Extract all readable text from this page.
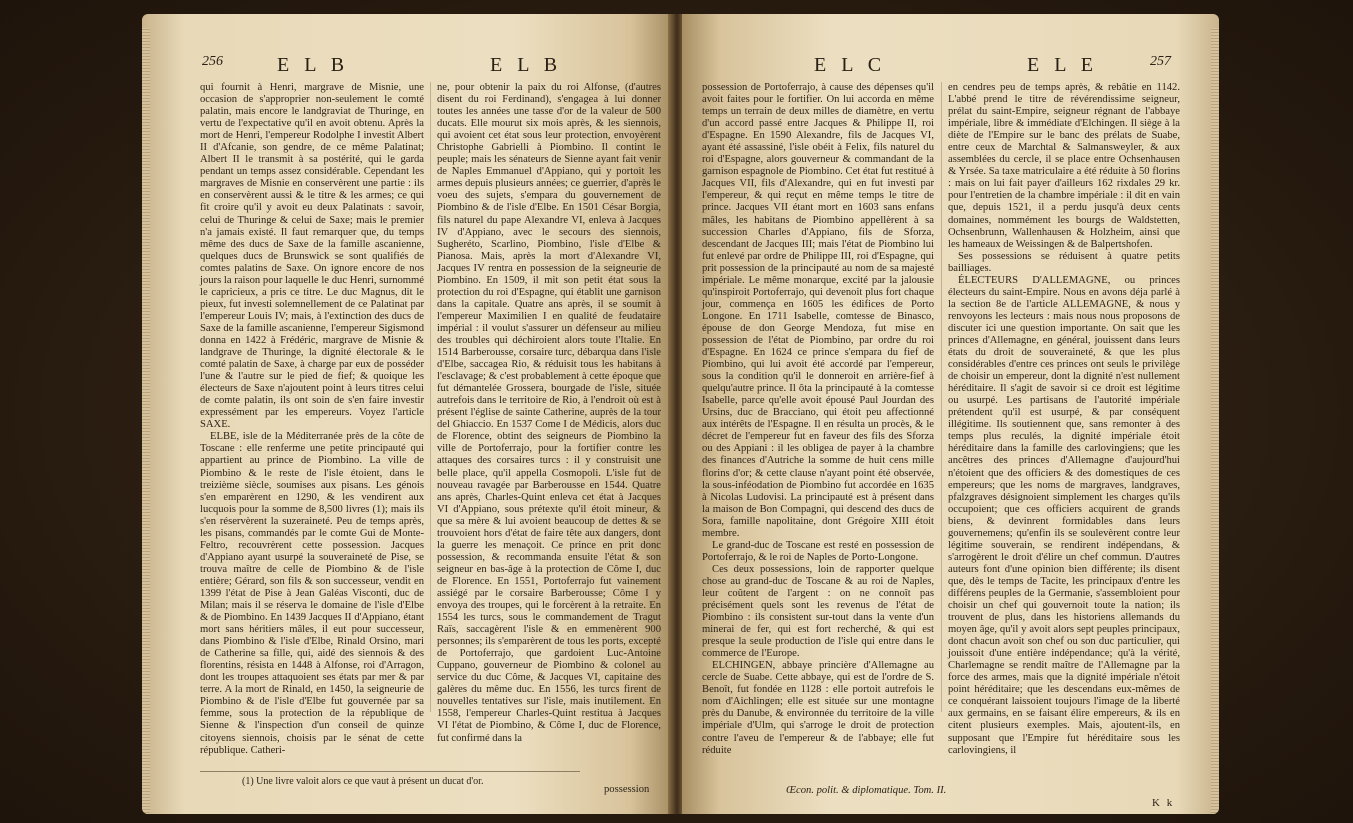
256	E L B	E L B

qui fournit à Henri, margrave de Misnie, une occasion de s'approprier non-seulement le comté palatin, mais encore le landgraviat de Thuringe, en vertu de l'expectative qu'il en avoit obtenu. Après la mort de Henri, l'empereur Rodolphe I investit Albert II d'Afcanie, son gendre, de ce même Palatinat; Albert II le transmit à sa postérité, qui le garda pendant un temps assez considérable. Cependant les margraves de Misnie en conservèrent une partie : ils en conservèrent aussi & le titre & les armes; ce qui fit croire qu'il y avoit eu deux Palatinats : savoir, celui de Thuringe & celui de Saxe; mais le premier n'a jamais existé. Il faut remarquer que, du temps même des ducs de Saxe de la famille ascanienne, quelques ducs de Brunswick se sont qualifiés de comtes palatins de Saxe. On ignore encore de nos jours la raison pour laquelle le duc Henri, surnommé le capricieux, a pris ce titre. Le duc Magnus, dit le pieux, fut investi solemnellement de ce Palatinat par l'empereur Louis IV; mais, à l'extinction des ducs de Saxe de la famille ascanienne, l'empereur Sigismond donna en 1422 à Frédéric, margrave de Misnie & landgrave de Thuringe, la dignité électorale & le comté palatin de Saxe, à charge par eux de posséder l'une & l'autre sur le pied de fief; & quoique les électeurs de Saxe n'ajoutent point à leurs titres celui de comte palatin, ils ont soin de s'en faire investir expressément par les empereurs. Voyez l'article SAXE.

ELBE, isle de la Méditerranée près de la côte de Toscane : elle renferme une petite principauté qui appartient au prince de Piombino. La ville de Piombino & le reste de l'isle étoient, dans le treizième siècle, soumises aux pisans. Les génois s'en emparèrent en 1290, & les vendirent aux lucquois pour la somme de 8,500 livres (1); mais ils s'en réservèrent la suzeraineté. Peu de temps après, les pisans, commandés par le comte Gui de Monte-Feltro, recouvrèrent cette possession. Jacques d'Appiano ayant usurpé la souveraineté de Pise, se trouva maître de celle de Piombino & de l'isle entière; Gérard, son fils & son successeur, vendit en 1399 l'état de Pise à Jean Galéas Visconti, duc de Milan; mais il se réserva le domaine de l'isle d'Elbe & de Piombino. En 1439 Jacques II d'Appiano, étant mort sans héritiers mâles, il eut pour successeur, dans Piombino & l'isle d'Elbe, Rinald Orsino, mari de Catherine sa fille, qui, aidé des siennois & des florentins, résista en 1448 à Alfonse, roi d'Arragon, dont les troupes attaquoient ses états par mer & par terre. A la mort de Rinald, en 1450, la seigneurie de Piombino & de l'isle d'Elbe fut gouvernée par sa femme, sous la protection de la république de Sienne & l'inspection d'un conseil de quinze citoyens siennois, choisis par le sénat de cette république. Catheri-

ne, pour obtenir la paix du roi Alfonse, (d'autres disent du roi Ferdinand), s'engagea à lui donner toutes les années une tasse d'or de la valeur de 500 ducats. Elle mourut six mois après, & les siennois, qui avoient cet état sous leur protection, envoyèrent Christophe Gabrielli à Piombino. Il contint le peuple; mais les sénateurs de Sienne ayant fait venir de Naples Emmanuel d'Appiano, qui y portoit les armes depuis plusieurs années; ce guerrier, d'après le voeu des sujets, s'empara du gouvernement de Piombino & de l'isle d'Elbe. En 1501 César Borgia, fils naturel du pape Alexandre VI, enleva à Jacques IV d'Appiano, avec le secours des siennois, Sugheréto, Scarlino, Piombino, l'isle d'Elbe & Pianosa. Mais, après la mort d'Alexandre VI, Jacques IV rentra en possession de la seigneurie de Piombino. En 1509, il mit son petit état sous la protection du roi d'Espagne, qui établit une garnison dans la capitale. Quatre ans après, il se soumit à l'empereur Maximilien I en qualité de feudataire impérial : il voulut s'assurer un défenseur au milieu des troubles qui déchiroient alors toute l'Italie. En 1514 Barberousse, corsaire turc, débarqua dans l'isle d'Elbe, saccagea Rio, & réduisit tous les habitans à l'esclavage; & c'est probablement à cette époque que fut démantelée Grossera, bourgade de l'isle, située autrefois dans le territoire de Rio, à l'endroit où est à présent l'église de sainte Catherine, auprès de la tour del Ghiaccio. En 1537 Come I de Médicis, alors duc de Florence, obtint des seigneurs de Piombino la ville de Portoferrajo, pour la fortifier contre les attaques des corsaires turcs : il y construisit une belle place, qu'il appella Cosmopoli. L'isle fut de nouveau ravagée par Barberousse en 1544. Quatre ans après, Charles-Quint enleva cet état à Jacques VI d'Appiano, sous prétexte qu'il étoit mineur, & que sa mère & lui avoient beaucoup de dettes & se trouvoient hors d'état de faire tête aux dangers, dont la guerre les menaçoit. Ce prince en prit donc possession, & recommanda ensuite l'état & son seigneur en bas-âge à la protection de Côme I, duc de Florence. En 1551, Portoferrajo fut vainement assiégé par le corsaire Barberousse; Côme I y envoya des troupes, qui le forcèrent à la retraite. En 1554 les turcs, sous le commandement de Tragut Raïs, saccagèrent l'isle & en emmenèrent 900 personnes; ils s'emparèrent de tous les ports, excepté de Portoferrajo, que gardoient Luc-Antoine Cuppano, gouverneur de Piombino & colonel au service du duc Côme, & Jacques VI, capitaine des galères du même duc. En 1556, les turcs firent de nouvelles tentatives sur l'isle, mais inutilement. En 1558, l'empereur Charles-Quint restitua à Jacques VI l'état de Piombino, & Côme I, duc de Florence, fut confirmé dans la

(1) Une livre valoit alors ce que vaut à présent un ducat d'or.
possession
E L C	E L E	257

possession de Portoferrajo, à cause des dépenses qu'il avoit faites pour le fortifier. On lui accorda en même temps un terrain de deux milles de diamètre, en vertu d'un accord passé entre Jacques & Philippe II, roi d'Espagne. En 1590 Alexandre, fils de Jacques VI, ayant été assassiné, l'isle obéit à Felix, fils naturel du roi d'Espagne, alors gouverneur & commandant de la garnison espagnole de Piombino. Cet état fut restitué à Jacques VII, fils d'Alexandre, qui en fut investi par l'empereur, & qui reçut en même temps le titre de prince. Jacques VII étant mort en 1603 sans enfans mâles, les habitans de Piombino appellèrent à sa succession Charles d'Appiano, fils de Sforza, descendant de Jacques III; mais l'état de Piombino lui fut enlevé par ordre de Philippe III, roi d'Espagne, qui prit possession de la principauté au nom de sa majesté impériale. Le même monarque, excité par la jalousie qu'inspiroit Portoferrajo, qui devenoit plus fort chaque jour, commença en 1605 les édifices de Porto Longone. En 1711 Isabelle, comtesse de Binasco, épouse de don George Mendoza, fut mise en possession de l'état de Piombino, par ordre du roi d'Espagne. En 1624 ce prince s'empara du fief de Piombino, qui lui avoit été accordé par l'empereur, sous la condition qu'il le donneroit en arrière-fief à quelqu'autre prince. Il ôta la principauté à la comtesse Isabelle, parce qu'elle avoit épousé Paul Jourdan des Ursins, duc de Bracciano, qui étoit peu affectionné aux intérêts de l'Espagne. Il en résulta un procès, & le décret de l'empereur fut en faveur des fils des Sforza ou des Appiani : il les obligea de payer à la chambre des finances d'Autriche la somme de huit cens mille florins d'or; & cette clause n'ayant point été observée, la sous-inféodation de Piombino fut accordée en 1635 à Nicolas Ludovisi. La principauté est à présent dans la maison de Bon Compagni, qui descend des ducs de Sora, famille napolitaine, dont Grégoire XIII étoit membre.

Le grand-duc de Toscane est resté en possession de Portoferrajo, & le roi de Naples de Porto-Longone.

Ces deux possessions, loin de rapporter quelque chose au grand-duc de Toscane & au roi de Naples, leur coûtent de l'argent : on ne connoît pas précisément quels sont les revenus de l'état de Piombino : ils consistent sur-tout dans la vente d'un minerai de fer, qui est fort recherché, & qui est presque la seule production de l'isle qui entre dans le commerce de l'Europe.

ELCHINGEN, abbaye princière d'Allemagne au cercle de Suabe. Cette abbaye, qui est de l'ordre de S. Benoît, fut fondée en 1128 : elle portoit autrefois le nom d'Aichlingen; elle est située sur une montagne près du Danube, & environnée du territoire de la ville impériale d'Ulm, qui s'arroge le droit de protection contre l'aveu de l'empereur & de l'abbaye; elle fut réduite

en cendres peu de temps après, & rebâtie en 1142. L'abbé prend le titre de révérendissime seigneur, prélat du saint-Empire, seigneur régnant de l'abbaye impériale, libre & immédiate d'Elchingen. Il siège à la diète de l'Empire sur le banc des prélats de Suabe, entre ceux de Marchtal & Salmansweyler, & aux assemblées du cercle, il se place entre Ochsenhausen & Yrsée. Sa taxe matriculaire a été réduite à 50 florins : mais on lui fait payer d'ailleurs 162 rixdales 29 kr. pour l'entretien de la chambre impériale : il dit en vain que, depuis 1521, il a perdu jusqu'à deux cents domaines, nommément les bourgs de Waldstetten, Ochsenbrunn, Wallenhausen & Holzheim, ainsi que les hameaux de Weissingen & de Balpertshofen.

Ses possessions se réduisent à quatre petits bailliages.

ÉLECTEURS D'ALLEMAGNE, ou princes électeurs du saint-Empire. Nous en avons déja parlé à la section 8e de l'article ALLEMAGNE, & nous y renvoyons les lecteurs : mais nous nous proposons de discuter ici une question importante. On sait que les princes d'Allemagne, en général, jouissent dans leurs états du droit de souveraineté, & que les plus considérables d'entre ces princes ont seuls le privilège de choisir un empereur, dont la dignité n'est nullement héréditaire. Il s'agit de savoir si ce droit est légitime ou usurpé. Les partisans de l'autorité impériale prétendent qu'il est usurpé, & par conséquent illégitime. Ils soutiennent que, sans remonter à des temps plus reculés, la dignité impériale étoit héréditaire dans la famille des carlovingiens; que les ancêtres des princes d'Allemagne d'aujourd'hui n'étoient que des officiers & des domestiques de ces empereurs; que les noms de margraves, landgraves, pfalzgraves désignoient simplement les charges qu'ils occupoient; que ces officiers acquirent de grands biens, & devinrent formidables dans leurs gouvernemens; qu'enfin ils se soulevèrent contre leur légitime souverain, se rendirent indépendans, & s'arrogèrent le droit d'élire un chef commun. D'autres auteurs font d'une opinion bien différente; ils disent que, dès le temps de Tacite, les principaux d'entre les différens peuples de la Germanie, s'assembloient pour choisir un chef qui gouvernoit toute la nation; ils trouvent de plus, dans les historiens allemands du moyen âge, qu'il y avoit alors sept peuples principaux, dont chacun avoit son chef ou son duc particulier, qui jouissoit d'une entière indépendance; qu'à la vérité, Charlemagne se rendit maître de l'Allemagne par la force des armes, mais que la dignité impériale n'étoit point héréditaire; que les descendans eux-mêmes de ce conquérant laissoient toujours l'image de la liberté aux germains, en se faisant élire empereurs, & ils en citent plusieurs exemples. Mais, ajoutent-ils, en supposant que l'Empire fut héréditaire sous les carlovingiens, il

Œcon. polit. & diplomatique. Tom. II.
K k
